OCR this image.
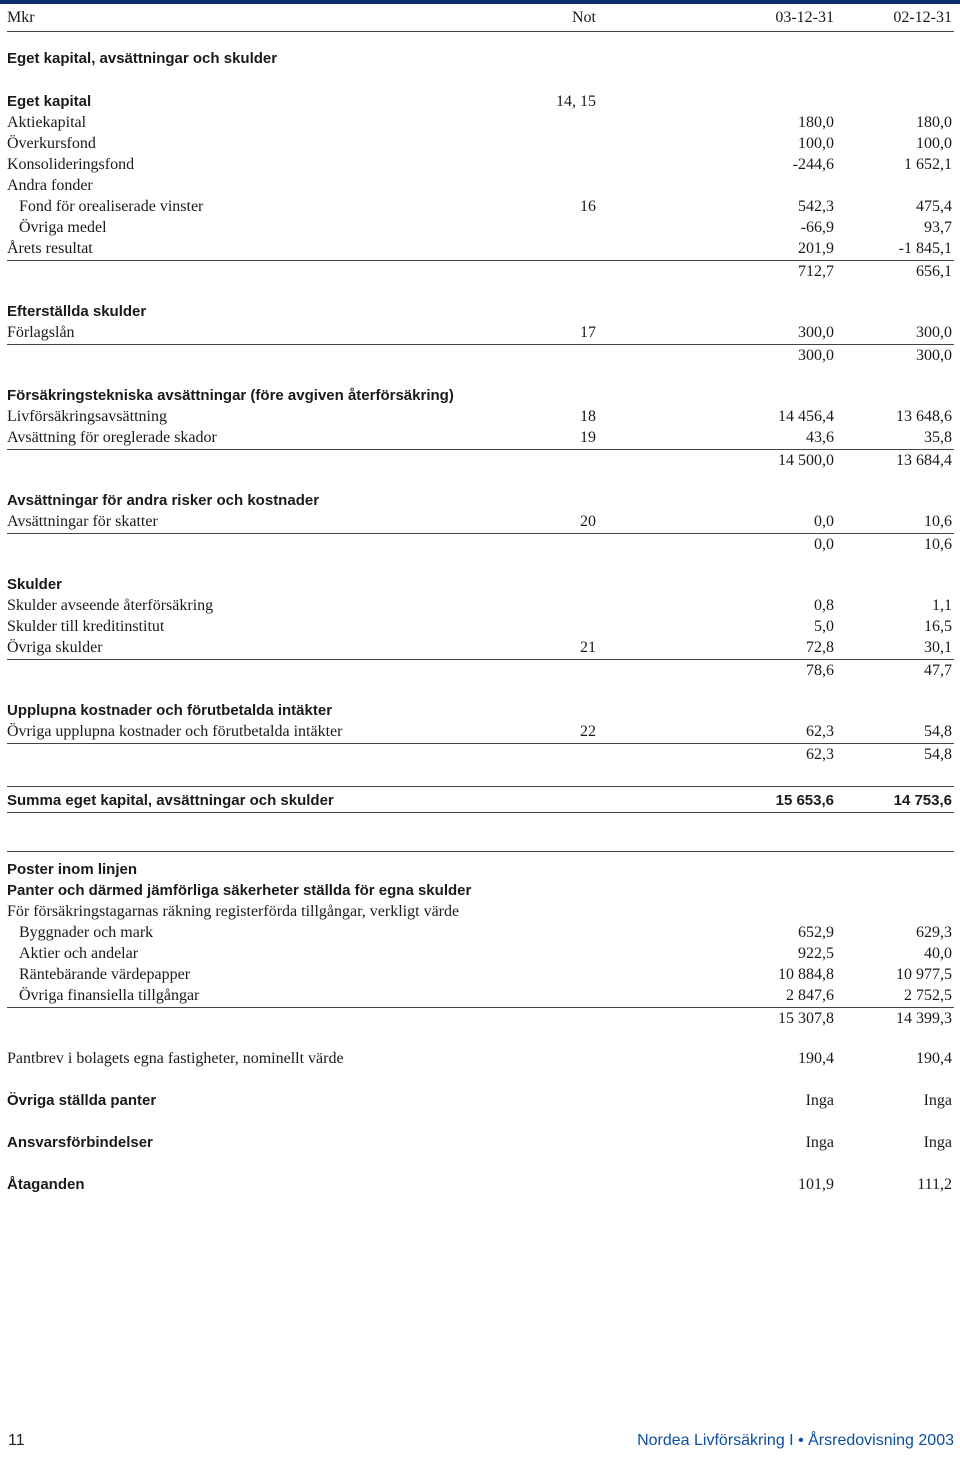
Mkr	Not	03-12-31	02-12-31
Eget kapital, avsättningar och skulder
Eget kapital	14, 15
Aktiekapital	180,0	180,0
Överkursfond	100,0	100,0
Konsolideringsfond	-244,6	1 652,1
Andra fonder
Fond för orealiserade vinster	16	542,3	475,4
Övriga medel	-66,9	93,7
Årets resultat	201,9	-1 845,1
712,7	656,1
Efterställda skulder
Förlagslån	17	300,0	300,0
300,0	300,0
Försäkringstekniska avsättningar (före avgiven återförsäkring)
Livförsäkringsavsättning	18	14 456,4	13 648,6
Avsättning för oreglerade skador	19	43,6	35,8
14 500,0	13 684,4
Avsättningar för andra risker och kostnader
Avsättningar för skatter	20	0,0	10,6
0,0	10,6
Skulder
Skulder avseende återförsäkring	0,8	1,1
Skulder till kreditinstitut	5,0	16,5
Övriga skulder	21	72,8	30,1
78,6	47,7
Upplupna kostnader och förutbetalda intäkter
Övriga upplupna kostnader och förutbetalda intäkter	22	62,3	54,8
62,3	54,8
Summa eget kapital, avsättningar och skulder	15 653,6	14 753,6
Poster inom linjen
Panter och därmed jämförliga säkerheter ställda för egna skulder
För försäkringstagarnas räkning registerförda tillgångar, verkligt värde
Byggnader och mark	652,9	629,3
Aktier och andelar	922,5	40,0
Räntebärande värdepapper	10 884,8	10 977,5
Övriga finansiella tillgångar	2 847,6	2 752,5
15 307,8	14 399,3
Pantbrev i bolagets egna fastigheter, nominellt värde	190,4	190,4
Övriga ställda panter	Inga	Inga
Ansvarsförbindelser	Inga	Inga
Åtaganden	101,9	111,2
11	Nordea Livförsäkring I • Årsredovisning 2003
